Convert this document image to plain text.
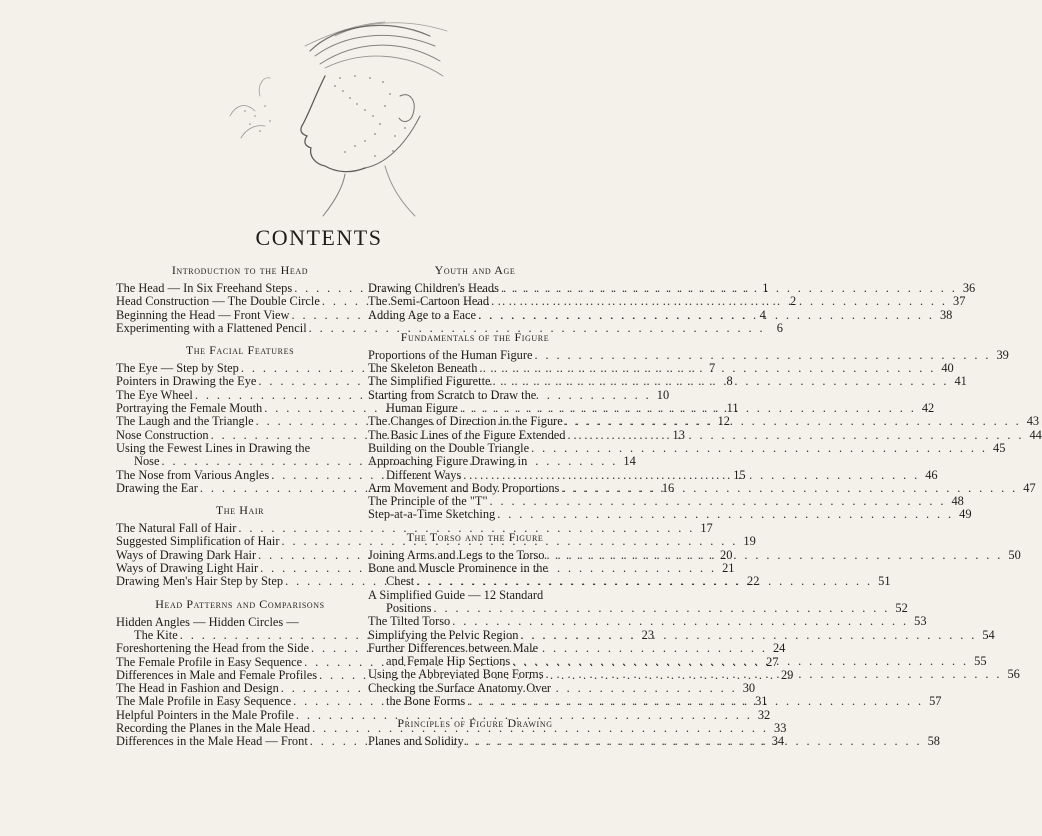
CONTENTS
Introduction to the Head
The Head — In Six Freehand Steps . . .	1
Head Construction — The Double Circle . . .	2
Beginning the Head — Front View . . .	4
Experimenting with a Flattened Pencil . . .	6
The Facial Features
The Eye — Step by Step . . .	7
Pointers in Drawing the Eye . . .	8
The Eye Wheel . . .	10
Portraying the Female Mouth . . .	11
The Laugh and the Triangle . . .	12
Nose Construction . . .	13
Using the Fewest Lines in Drawing the
Nose . . .	14
The Nose from Various Angles . . .	15
Drawing the Ear . . .	16
The Hair
The Natural Fall of Hair . . .	17
Suggested Simplification of Hair . . .	19
Ways of Drawing Dark Hair . . .	20
Ways of Drawing Light Hair . . .	21
Drawing Men's Hair Step by Step . . .	22
Head Patterns and Comparisons
Hidden Angles — Hidden Circles —
The Kite . . .	23
Foreshortening the Head from the Side . . .	24
The Female Profile in Easy Sequence . . .	27
Differences in Male and Female Profiles . . .	29
The Head in Fashion and Design . . .	30
The Male Profile in Easy Sequence . . .	31
Helpful Pointers in the Male Profile . . .	32
Recording the Planes in the Male Head . . .	33
Differences in the Male Head — Front . . .	34
Youth and Age
Drawing Children's Heads . . .	36
The Semi-Cartoon Head . . .	37
Adding Age to a Face . . .	38
Fundamentals of the Figure
Proportions of the Human Figure . . .	39
The Skeleton Beneath . . .	40
The Simplified Figurette . . .	41
Starting from Scratch to Draw the
Human Figure . . .	42
The Changes of Direction in the Figure . . .	43
The Basic Lines of the Figure Extended . . .	44
Building on the Double Triangle . . .	45
Approaching Figure Drawing in
Different Ways . . .	46
Arm Movement and Body Proportions . . .	47
The Principle of the "T" . . .	48
Step-at-a-Time Sketching . . .	49
The Torso and the Figure
Joining Arms and Legs to the Torso . . .	50
Bone and Muscle Prominence in the
Chest . . .	51
A Simplified Guide — 12 Standard
Positions . . .	52
The Tilted Torso . . .	53
Simplifying the Pelvic Region . . .	54
Further Differences between Male
and Female Hip Sections . . .	55
Using the Abbreviated Bone Forms . . .	56
Checking the Surface Anatomy Over
the Bone Forms . . .	57
Principles of Figure Drawing
Planes and Solidity . . .	58
